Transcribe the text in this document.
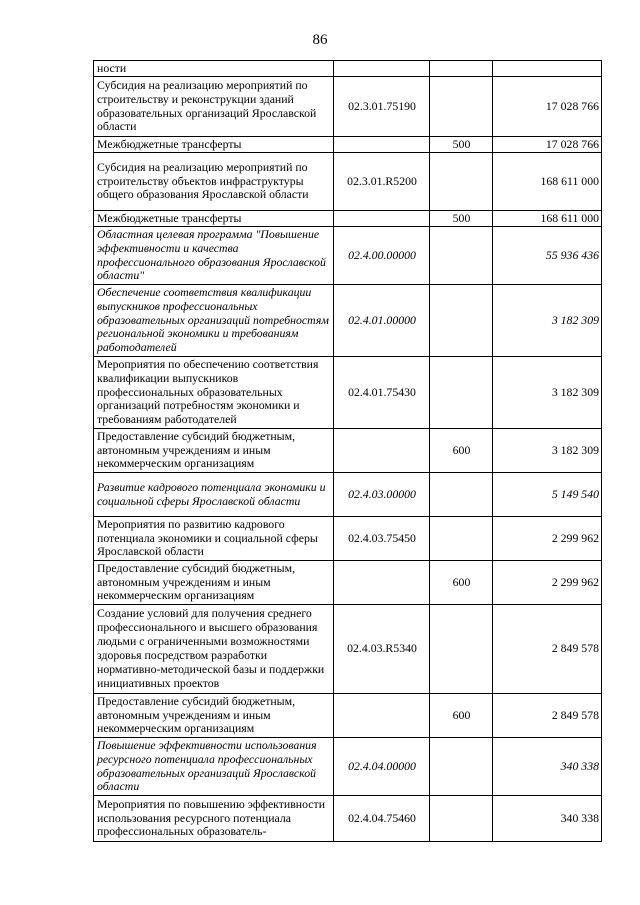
86
ности			
Субсидия на реализацию мероприятий по строительству и реконструкции зданий образовательных организаций Ярославской области	02.3.01.75190		17 028 766
Межбюджетные трансферты		500	17 028 766
Субсидия на реализацию мероприятий по строительству объектов инфраструктуры общего образования Ярославской области	02.3.01.R5200		168 611 000
Межбюджетные трансферты		500	168 611 000
Областная целевая программа "Повышение эффективности и качества профессионального образования Ярославской области"	02.4.00.00000		55 936 436
Обеспечение соответствия квалификации выпускников профессиональных образовательных организаций потребностям региональной экономики и требованиям работодателей	02.4.01.00000		3 182 309
Мероприятия по обеспечению соответствия квалификации выпускников профессиональных образовательных организаций потребностям экономики и требованиям работодателей	02.4.01.75430		3 182 309
Предоставление субсидий бюджетным, автономным учреждениям и иным некоммерческим организациям		600	3 182 309
Развитие кадрового потенциала экономики и социальной сферы Ярославской области	02.4.03.00000		5 149 540
Мероприятия по развитию кадрового потенциала экономики и социальной сферы Ярославской области	02.4.03.75450		2 299 962
Предоставление субсидий бюджетным, автономным учреждениям и иным некоммерческим организациям		600	2 299 962
Создание условий для получения среднего профессионального и высшего образования людьми с ограниченными возможностями здоровья посредством разработки нормативно-методической базы и поддержки инициативных проектов	02.4.03.R5340		2 849 578
Предоставление субсидий бюджетным, автономным учреждениям и иным некоммерческим организациям		600	2 849 578
Повышение эффективности использования ресурсного потенциала профессиональных образовательных организаций Ярославской области	02.4.04.00000		340 338
Мероприятия по повышению эффективности использования ресурсного потенциала профессиональных образователь-	02.4.04.75460		340 338
